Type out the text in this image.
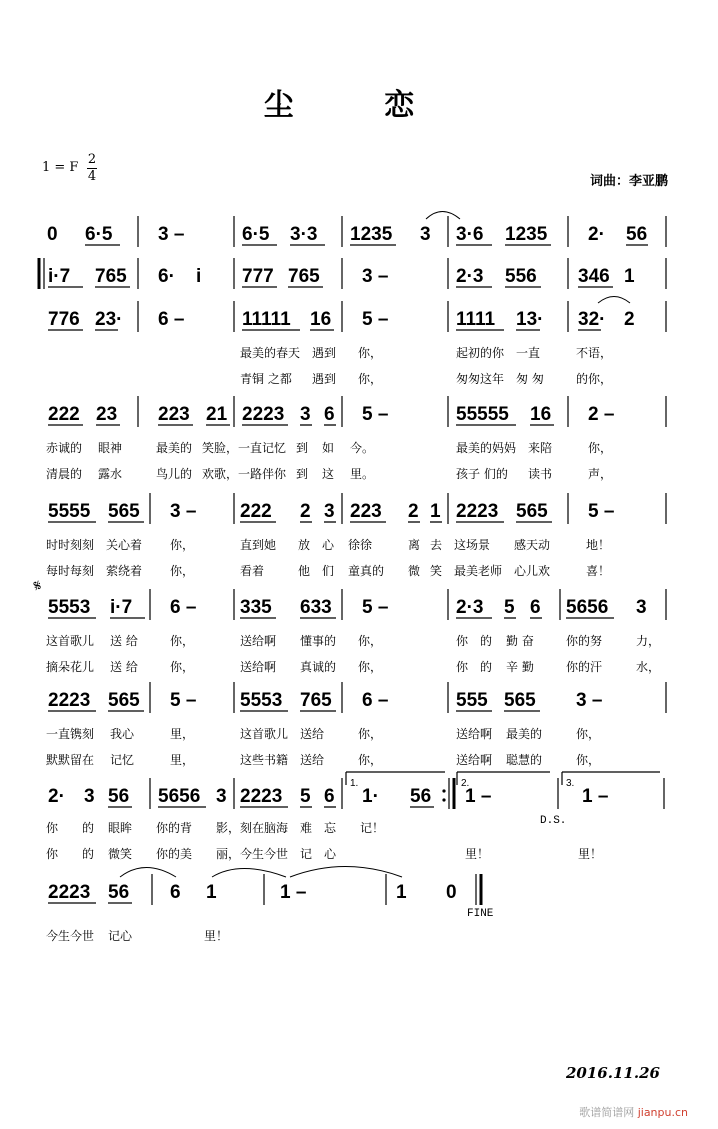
尘 恋
1 = F
2
4	词曲：李亚鹏
0 6·5 3 –	6·5 3·3 1235 3 3·6 1235 2· 56
i·7 765 6· i 777 765 3 –	2·3 556 346 1
776 23· 6 –	11111 16 5 –	1111 13· 32· 2
最美的春天 遇到 你，	起初的你 一直	不语，
青铜 之都 遇到 你，	匆匆这年 匆 匆	的你，
222 23 223 21 2223 3 6 5 –	55555 16 2 –
赤诚的 眼神	最美的 笑脸，一直记忆 到 如 今。	最美的妈妈 来陪	你，
清晨的 露水	鸟儿的 欢歌，一路伴你 到 这 里。	孩子 们的 读书	声，
5555 565 3 – 222 2 3 223 2 1 2223 565 5 –
时时刻刻 关心着 你，	直到她 放 心 徐徐	离 去 这场景 感天动	地！
每时每刻 萦绕着 你，	看着	他 们 童真的 微 笑 最美老师 心儿欢	喜！
𝄋
5553 i·7 6 – 335 633 5 –	2·3 5 6 5656 3
这首歌儿 送 给	你，	送给啊 懂事的 你，	你 的 勤 奋	你的努	力，
摘朵花儿 送 给	你，	送给啊 真诚的 你，	你 的 辛 勤	你的汗	水，
2223 565 5 – 5553 765 6 –	555 565 3 –
一直镌刻 我心	里，	这首歌儿 送给	你，	送给啊 最美的	你，
默默留在 记忆	里，	这些书籍 送给	你，	送给啊 聪慧的	你，
2· 3 56 5656 3 2223 5 6 1· 56 1 –	1 –
1.	2.	3.
D.S.
你 的 眼眸 你的背 影，刻在脑海 难 忘 记！
你 的 微笑 你的美 丽，今生今世 记 心	里！	里！
2223 56 6 1	1 –	1 0
FINE
今生今世 记心	里！
2016.11.26
歌谱简谱网 jianpu.cn
